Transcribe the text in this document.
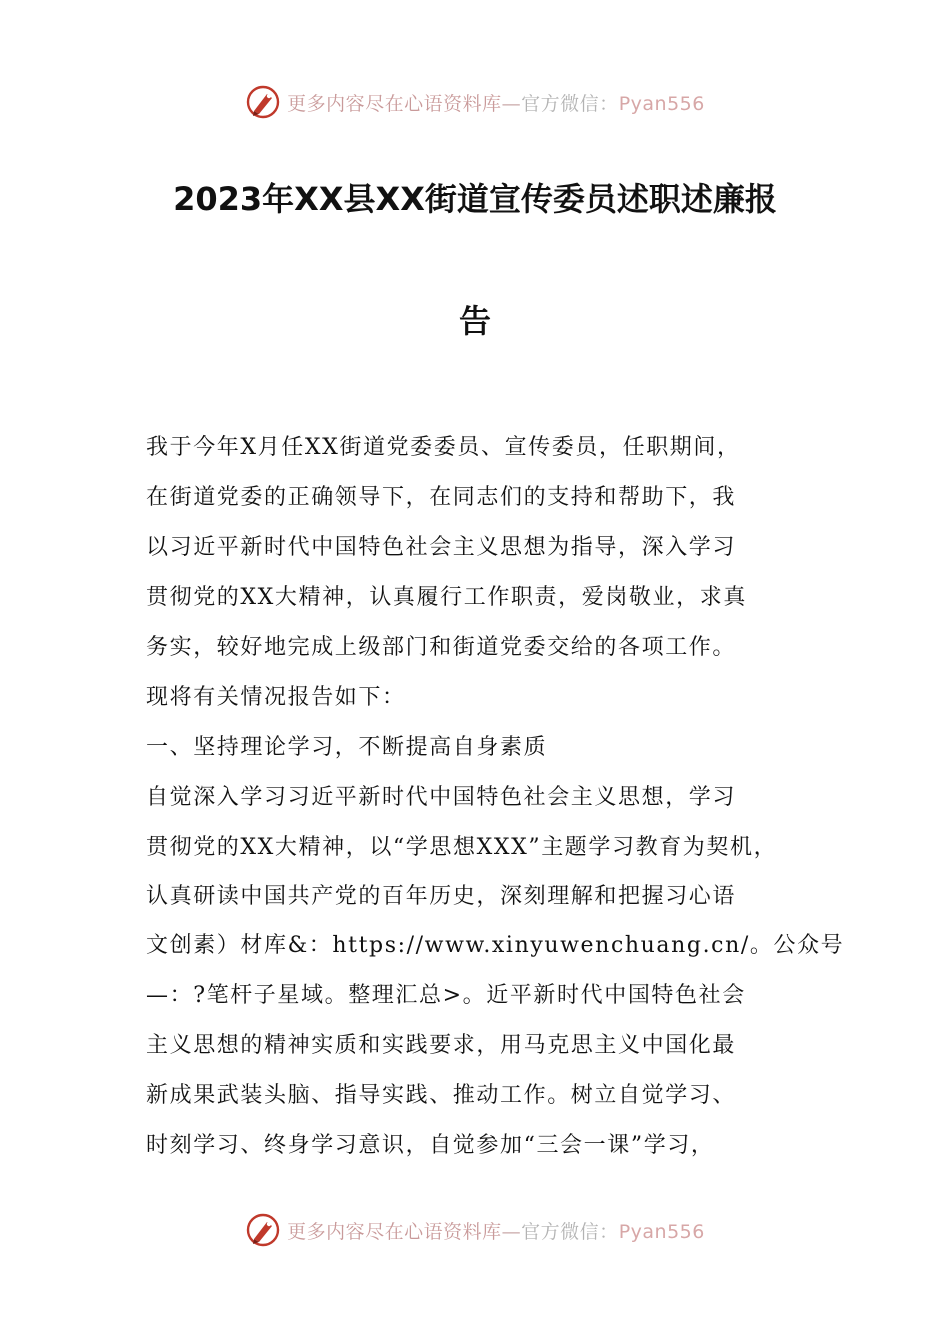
更多内容尽在心语资料库—官方微信：Pyan556
2023年XX县XX街道宣传委员述职述廉报
告
我于今年X月任XX街道党委委员、宣传委员，任职期间，
在街道党委的正确领导下，在同志们的支持和帮助下，我
以习近平新时代中国特色社会主义思想为指导，深入学习
贯彻党的XX大精神，认真履行工作职责，爱岗敬业，求真
务实，较好地完成上级部门和街道党委交给的各项工作。
现将有关情况报告如下：
一、坚持理论学习，不断提高自身素质
自觉深入学习习近平新时代中国特色社会主义思想，学习
贯彻党的XX大精神，以“学思想XXX”主题学习教育为契机，
认真研读中国共产党的百年历史，深刻理解和把握习心语
文创素）材库&：https://www.xinyuwenchuang.cn/。公众号
—：?笔杆子星域。整理汇总>。近平新时代中国特色社会
主义思想的精神实质和实践要求，用马克思主义中国化最
新成果武装头脑、指导实践、推动工作。树立自觉学习、
时刻学习、终身学习意识，自觉参加“三会一课”学习，
更多内容尽在心语资料库—官方微信：Pyan556
